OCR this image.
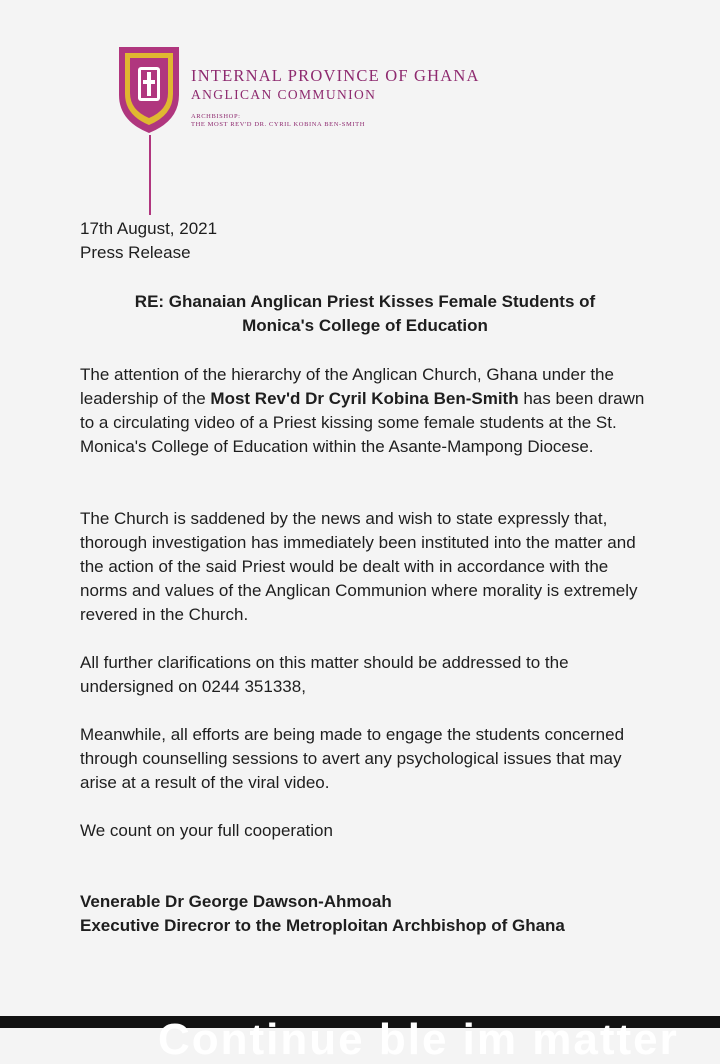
INTERNAL PROVINCE OF GHANA
ANGLICAN COMMUNION
ARCHBISHOP:
THE MOST REV'D DR. CYRIL KOBINA BEN-SMITH
17th August, 2021
Press Release
RE: Ghanaian Anglican Priest Kisses Female Students of
Monica's College of Education
The attention of the hierarchy of the Anglican Church, Ghana under the leadership of the Most Rev'd Dr Cyril Kobina Ben-Smith has been drawn to a circulating video of a Priest kissing some female students at the St. Monica's College of Education within the Asante-Mampong Diocese.
The Church is saddened by the news and wish to state expressly that, thorough investigation has immediately been instituted into the matter and the action of the said Priest would be dealt with in accordance with the norms and values of the Anglican Communion where morality is extremely revered in the Church.
All further clarifications on this matter should be addressed to the undersigned on 0244 351338,
Meanwhile, all efforts are being made to engage the students concerned through counselling sessions to avert any psychological issues that may arise at a result of the viral video.
We count on your full cooperation
Venerable Dr George Dawson-Ahmoah
Executive Direcror to the Metroploitan Archbishop of Ghana
Continue ble im matter
